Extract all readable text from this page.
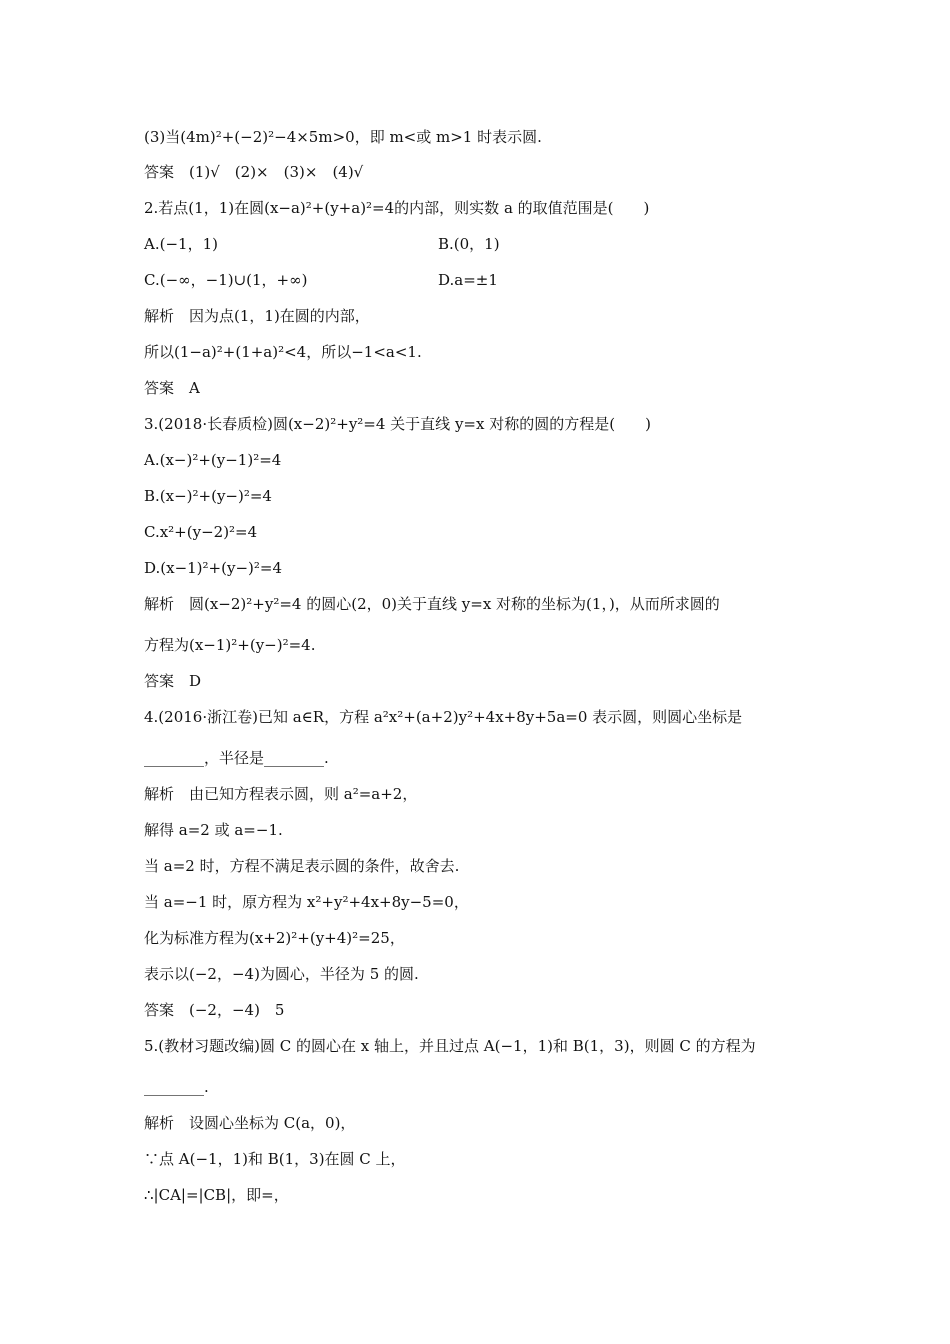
(3)当(4m)²+(−2)²−4×5m>0，即 m<或 m>1 时表示圆.
答案　(1)√　(2)×　(3)×　(4)√
2.若点(1，1)在圆(x−a)²+(y+a)²=4的内部，则实数 a 的取值范围是(　　)
A.(−1，1)	B.(0，1)
C.(−∞，−1)∪(1，+∞)	D.a=±1
解析　因为点(1，1)在圆的内部，
所以(1−a)²+(1+a)²<4，所以−1<a<1.
答案　A
3.(2018·长春质检)圆(x−2)²+y²=4 关于直线 y=x 对称的圆的方程是(　　)
A.(x−)²+(y−1)²=4
B.(x−)²+(y−)²=4
C.x²+(y−2)²=4
D.(x−1)²+(y−)²=4
解析　圆(x−2)²+y²=4 的圆心(2，0)关于直线 y=x 对称的坐标为(1，)，从而所求圆的
方程为(x−1)²+(y−)²=4.
答案　D
4.(2016·浙江卷)已知 a∈R，方程 a²x²+(a+2)y²+4x+8y+5a=0 表示圆，则圆心坐标是
________，半径是________.
解析　由已知方程表示圆，则 a²=a+2，
解得 a=2 或 a=−1.
当 a=2 时，方程不满足表示圆的条件，故舍去.
当 a=−1 时，原方程为 x²+y²+4x+8y−5=0，
化为标准方程为(x+2)²+(y+4)²=25，
表示以(−2，−4)为圆心，半径为 5 的圆.
答案　(−2，−4)　5
5.(教材习题改编)圆 C 的圆心在 x 轴上，并且过点 A(−1，1)和 B(1，3)，则圆 C 的方程为
________.
解析　设圆心坐标为 C(a，0)，
∵点 A(−1，1)和 B(1，3)在圆 C 上，
∴|CA|=|CB|，即=，
